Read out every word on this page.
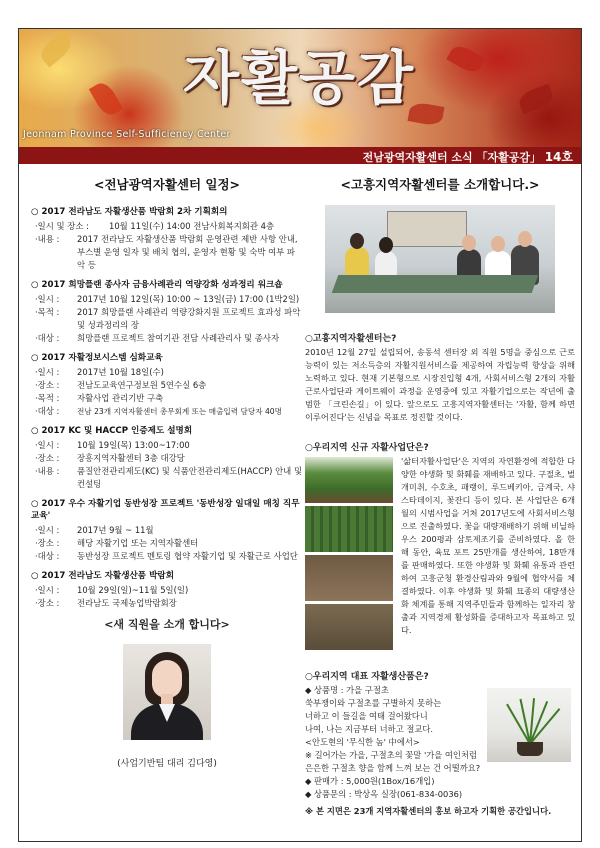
자활공감
Jeonnam Province Self-Sufficiency Center
전남광역자활센터 소식 「자활공감」 14호
<전남광역자활센터 일정>
○ 2017 전라남도 자활생산품 박람회 2차 기획회의
·일시 및 장소 :	10월 11일(수) 14:00 전남사회복지회관 4층
·내용 :	2017 전라남도 자활생산품 박람회 운영관련 제반 사항 안내, 부스별 운영 일자 및 배치 협의, 운영자 현황 및 숙박 여부 파악 등
○ 2017 희망플랜 종사자 금융사례관리 역량강화 성과정리 워크숍
·일시 :	2017년 10월 12일(목) 10:00 ~ 13일(금) 17:00 (1박2일)
·목적 :	2017 희망플랜 사례관리 역량강화지원 프로젝트 효과성 파악 및 성과정리의 장
·대상 :	희망플랜 프로젝트 참여기관 전담 사례관리사 및 종사자
○ 2017 자활정보시스템 심화교육
·일시 :	2017년 10월 18일(수)
·장소 :	전남도교육연구정보원 5연수실 6층
·목적 :	자활사업 관리기반 구축
·대상 :	전남 23개 지역자활센터 총무회계 또는 매출입력 담당자 40명
○ 2017 KC 및 HACCP 인증제도 설명회
·일시 :	10월 19일(목) 13:00~17:00
·장소 :	장흥지역자활센터 3층 대강당
·내용 :	품질안전관리제도(KC) 및 식품안전관리제도(HACCP) 안내 및 컨설팅
○ 2017 우수 자활기업 동반성장 프로젝트 '동반성장 일대일 매칭 직무교육'
·일시 :	2017년 9월 ~ 11월
·장소 :	해당 자활기업 또는 지역자활센터
·대상 :	동반성장 프로젝트 멘토링 협약 자활기업 및 자활근로 사업단
○ 2017 전라남도 자활생산품 박람회
·일시 :	10월 29일(일)~11월 5일(일)
·장소 :	전라남도 국제농업박람회장
<새 직원을 소개 합니다>
(사업기반팀 대리 김다영)
<고흥지역자활센터를 소개합니다.>
○고흥지역자활센터는?

2010년 12월 27일 설립되어, 송동석 센터장 외 직원 5명을 중심으로 근로능력이 있는 저소득층의 자활지원서비스를 제공하여 자립능력 향상을 위해 노력하고 있다. 현재 기본형으로 시장진입형 4개, 사회서비스형 2개의 자활근로사업단과 게이트웨이 과정을 운영중에 있고 자활기업으로는 작년에 출범한 「크린손길」이 있다. 앞으로도 고흥지역자활센터는 '자활, 함께 하면 이루어진다'는 신념을 목표로 정진할 것이다.

○우리지역 신규 자활사업단은?

'삶터자활사업단'은 지역의 자연환경에 적합한 다양한 야생화 및 화훼를 재배하고 있다. 구절초, 벌개미취, 수호초, 패랭이, 루드베키아, 금계국, 샤스타데이지, 꽃잔디 등이 있다. 본 사업단은 6개월의 시범사업을 거쳐 2017년도에 사회서비스형으로 진출하였다. 꽃을 대량재배하기 위해 비닐하우스 200평과 삼토제조기를 준비하였다. 올 한 해 동안, 육묘 포트 25만개를 생산하여, 18만개를 판매하였다. 또한 야생화 및 화훼 유통과 관련하여 고흥군청 환경산림과와 9월에 협약서를 체결하였다. 이후 야생화 및 화훼 묘종의 대량생산화 체계를 통해 지역주민들과 함께하는 일자리 창출과 지역경제 활성화를 증대하고자 목표하고 있다.

○우리지역 대표 자활생산품은?
◆ 상품명 : 가을 구절초
쑥부쟁이와 구절초를 구별하지 못하는
너하고 이 들길을 여태 걸어왔다니
나여, 나는 지금부터 너하고 절교다.
<안도현의 '무식한 놈' 中에서>
※ 길어가는 가을, 구절초의 꽃말 '가을 여인처럼 은은한 구절초 향을 함께 느껴 보는 건 어떨까요?
◆ 판매가 : 5,000원(1Box/16개입)
◆ 상품문의 : 박상옥 실장(061-834-0036)
※ 본 지면은 23개 지역자활센터의 홍보 하고자 기획한 공간입니다.
